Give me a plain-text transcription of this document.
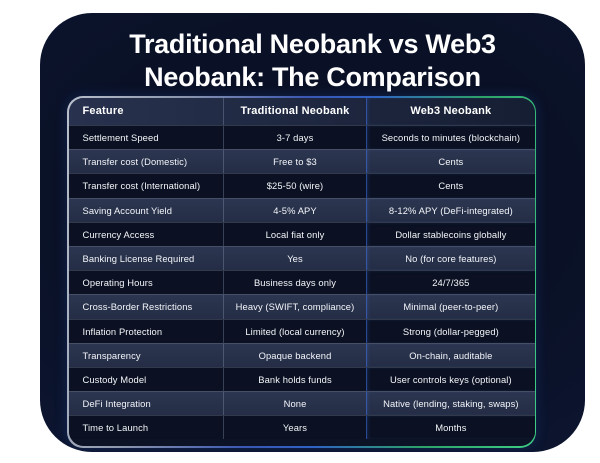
Traditional Neobank vs Web3
Neobank: The Comparison
Feature	Traditional Neobank	Web3 Neobank
Settlement Speed	3-7 days	Seconds to minutes (blockchain)
Transfer cost (Domestic)	Free to $3	Cents
Transfer cost (International)	$25-50 (wire)	Cents
Saving Account Yield	4-5% APY	8-12% APY (DeFi-integrated)
Currency Access	Local fiat only	Dollar stablecoins globally
Banking License Required	Yes	No (for core features)
Operating Hours	Business days only	24/7/365
Cross-Border Restrictions	Heavy (SWIFT, compliance)	Minimal (peer-to-peer)
Inflation Protection	Limited (local currency)	Strong (dollar-pegged)
Transparency	Opaque backend	On-chain, auditable
Custody Model	Bank holds funds	User controls keys (optional)
DeFi Integration	None	Native (lending, staking, swaps)
Time to Launch	Years	Months
